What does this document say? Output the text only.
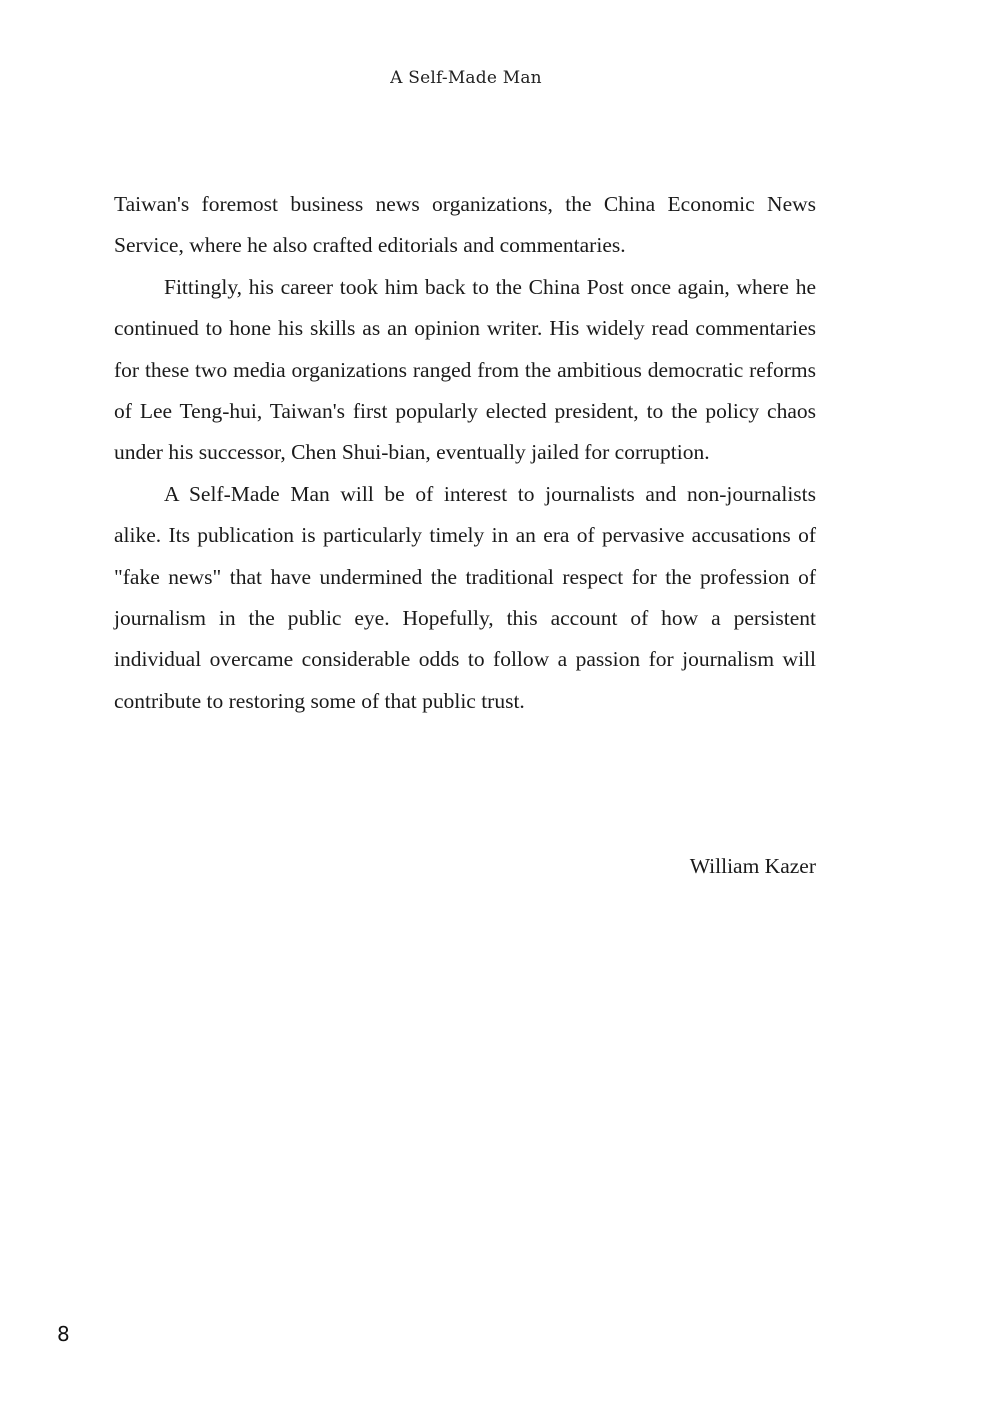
A Self-Made Man

Taiwan's foremost business news organizations, the China Economic News Service, where he also crafted editorials and commentaries.

Fittingly, his career took him back to the China Post once again, where he continued to hone his skills as an opinion writer. His widely read commentaries for these two media organizations ranged from the ambitious democratic reforms of Lee Teng-hui, Taiwan's first popularly elected president, to the policy chaos under his successor, Chen Shui-bian, eventually jailed for corruption.

A Self-Made Man will be of interest to journalists and non-journalists alike. Its publication is particularly timely in an era of pervasive accusations of "fake news" that have undermined the traditional respect for the profession of journalism in the public eye. Hopefully, this account of how a persistent individual overcame considerable odds to follow a passion for journalism will contribute to restoring some of that public trust.

William Kazer
8
